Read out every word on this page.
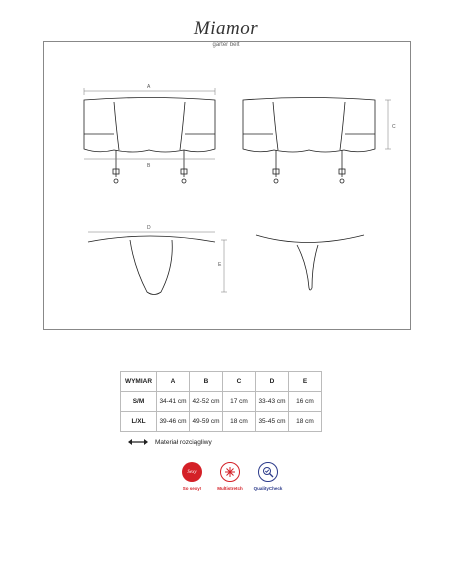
Miamor
garter belt
A
B
C
D
E
WYMIAR	A	B	C	D	E
S/M	34-41 cm	42-52 cm	17 cm	33-43 cm	16 cm
L/XL	39-46 cm	49-59 cm	18 cm	35-45 cm	18 cm
Materiał rozciągliwy
Sexy
So sexy!	Multistretch	QualityCheck
